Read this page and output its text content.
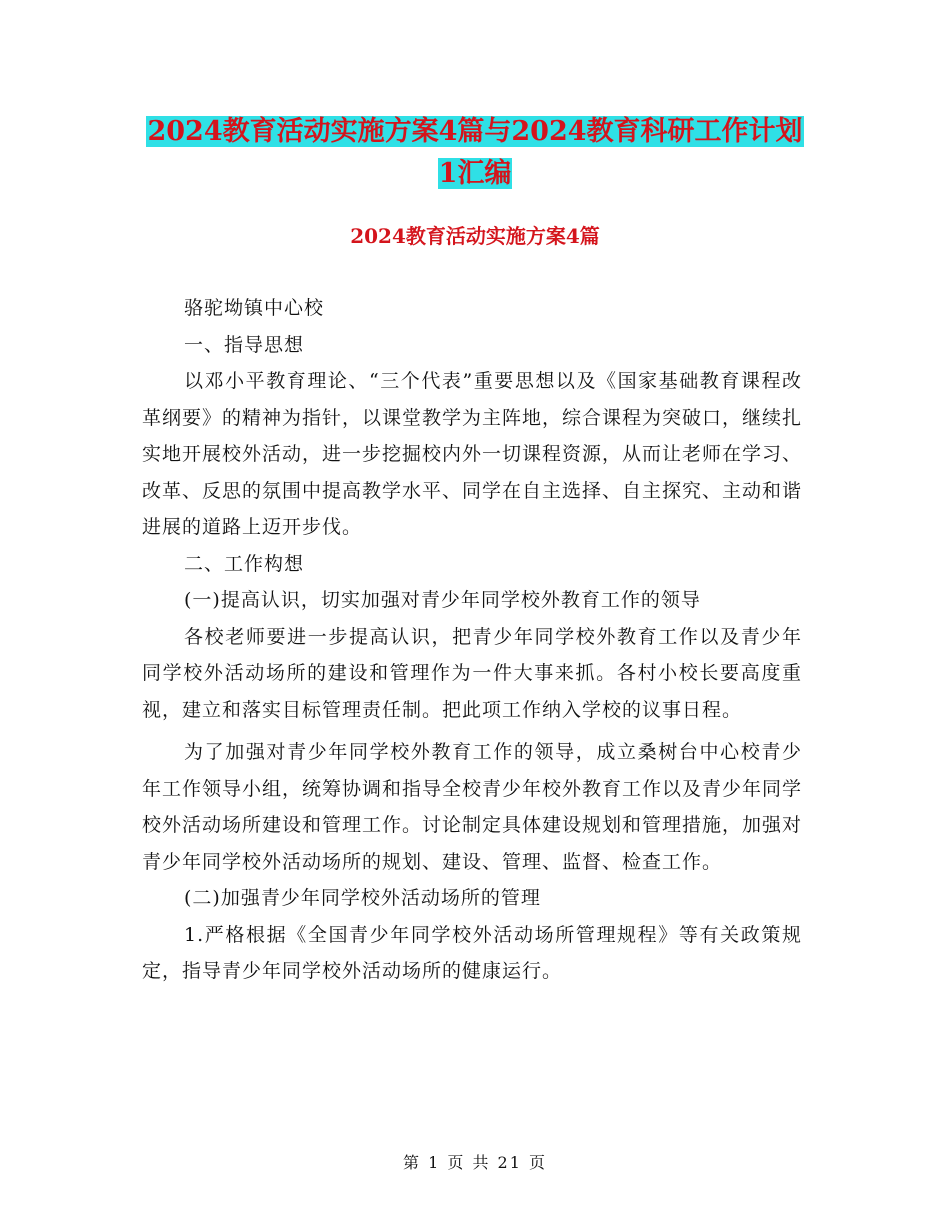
2024教育活动实施方案4篇与2024教育科研工作计划
1汇编
2024教育活动实施方案4篇

骆驼坳镇中心校

一、指导思想

以邓小平教育理论、“三个代表”重要思想以及《国家基础教育课程改革纲要》的精神为指针，以课堂教学为主阵地，综合课程为突破口，继续扎实地开展校外活动，进一步挖掘校内外一切课程资源，从而让老师在学习、改革、反思的氛围中提高教学水平、同学在自主选择、自主探究、主动和谐进展的道路上迈开步伐。

二、工作构想

(一)提高认识，切实加强对青少年同学校外教育工作的领导

各校老师要进一步提高认识，把青少年同学校外教育工作以及青少年同学校外活动场所的建设和管理作为一件大事来抓。各村小校长要高度重视，建立和落实目标管理责任制。把此项工作纳入学校的议事日程。

为了加强对青少年同学校外教育工作的领导，成立桑树台中心校青少年工作领导小组，统筹协调和指导全校青少年校外教育工作以及青少年同学校外活动场所建设和管理工作。讨论制定具体建设规划和管理措施，加强对青少年同学校外活动场所的规划、建设、管理、监督、检查工作。

(二)加强青少年同学校外活动场所的管理

1.严格根据《全国青少年同学校外活动场所管理规程》等有关政策规定，指导青少年同学校外活动场所的健康运行。

第 1 页 共 21 页
